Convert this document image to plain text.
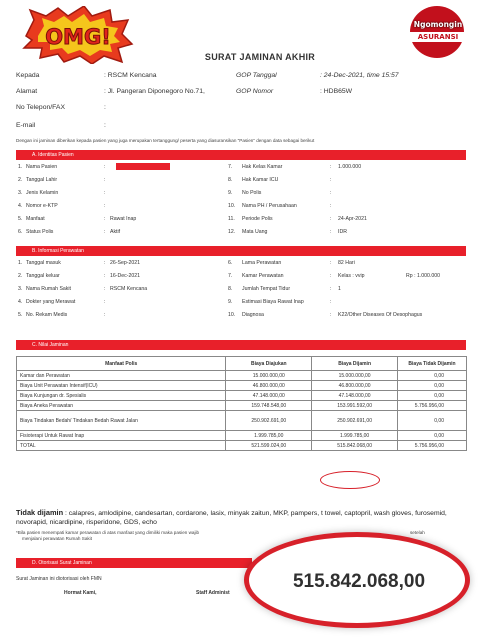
OMG!
Ngomongin
ASURANSI
SURAT JAMINAN AKHIR
Kepada	: RSCM Kencana
Alamat	: Jl. Pangeran Diponegoro No.71,
No Telepon/FAX	:
E-mail	:
GOP Tanggal	: 24-Dec-2021, time 15:57
GOP Nomor	: HDB65W
Dengan ini jaminan diberikan kepada pasien yang juga merupakan tertanggung/ peserta yang diasuransikan "Pasien" dengan data sebagai berikut
A. Identitas Pasien
1. Nama Pasien	:	7. Hak Kelas Kamar	: 1.000.000
2. Tanggal Lahir	:	8. Hak Kamar ICU	:
3. Jenis Kelamin	:	9. No Polis	:
4. Nomor e-KTP	:	10. Nama PH / Perusahaan	:
5. Manfaat	: Rawat Inap	11. Periode Polis	: 24-Apr-2021
6. Status Polis	: Aktif	12. Mata Uang	: IDR
B. Informasi Perawatan
1. Tanggal masuk	: 26-Sep-2021	6. Lama Perawatan	: 82 Hari
2. Tanggal keluar	: 16-Dec-2021	7. Kamar Perawatan	: Kelas : vvip	Rp : 1.000.000
3. Nama Rumah Sakit	: RSCM Kencana	8. Jumlah Tempat Tidur	: 1
4. Dokter yang Merawat	:	9. Estimasi Biaya Rawat Inap	:
5. No. Rekam Medis	:	10. Diagnosa	: K22/Other Diseases Of Oesophagus
C. Nilai Jaminan
Manfaat Polis	Biaya Diajukan	Biaya Dijamin	Biaya Tidak Dijamin
Kamar dan Perawatan	15.000.000,00	15.000.000,00	0,00
Biaya Unit Perawatan Intensif(ICU)	46.800.000,00	46.800.000,00	0,00
Biaya Kunjungan dr. Spesialis	47.148.000,00	47.148.000,00	0,00
Biaya Aneka Perawatan	159.748.548,00	153.991.592,00	5.756.956,00
Biaya Tindakan Bedah/ Tindakan Bedah Rawat Jalan	250.902.691,00	250.902.691,00	0,00
Fisioterapi Untuk Rawat Inap	1.999.785,00	1.999.785,00	0,00
TOTAL	521.599.024,00	515.842.068,00	5.756.956,00
Tidak dijamin : calapres, amlodipine, candesartan, cordarone, lasix, minyak zaitun, MKP, pampers, t towel, captopril, wash gloves, furosemid, novorapid, nicardipine, risperidone, GDS, echo
*Bila pasien menempati kamar perawatan di atas manfaat yang dimiliki maka pasien wajib	setelah

menjalani perawatan Rumah Sakit
D. Otorisasi Surat Jaminan
Surat Jaminan ini diotorisasi oleh FMN
Hormat Kami,	Staff Administ
515.842.068,00
